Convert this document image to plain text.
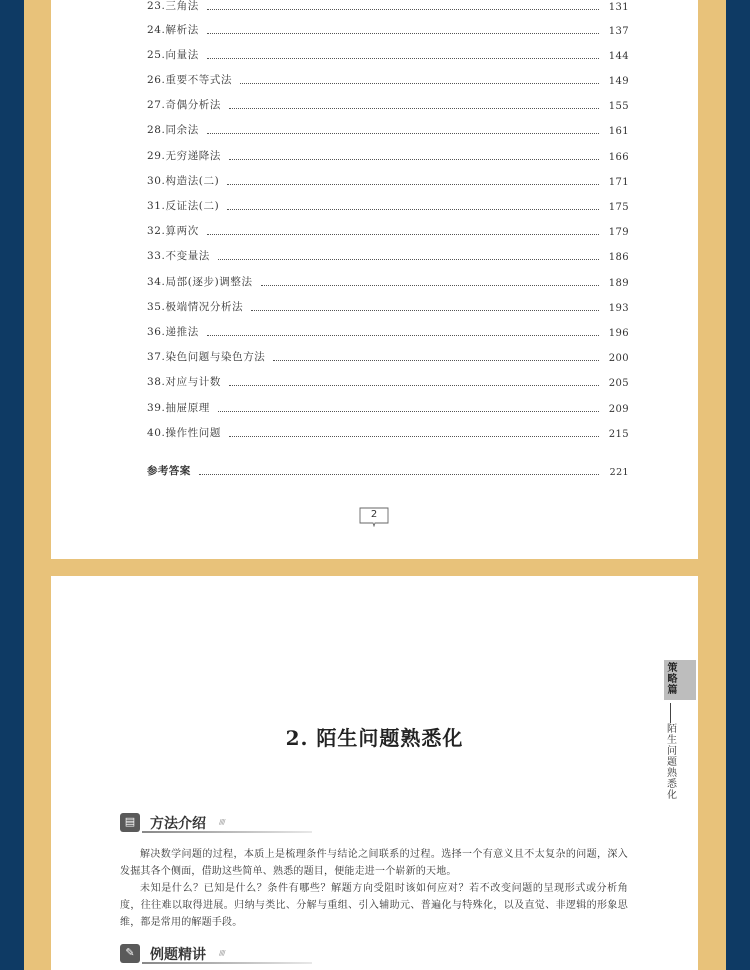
23.三角法	131
24.解析法	137
25.向量法	144
26.重要不等式法	149
27.奇偶分析法	155
28.同余法	161
29.无穷递降法	166
30.构造法(二)	171
31.反证法(二)	175
32.算两次	179
33.不变量法	186
34.局部(逐步)调整法	189
35.极端情况分析法	193
36.递推法	196
37.染色问题与染色方法	200
38.对应与计数	205
39.抽屉原理	209
40.操作性问题	215
参考答案	221
2
策略篇
陌生问题熟悉化
2. 陌生问题熟悉化
▤	方法介绍 ////

解决数学问题的过程，本质上是梳理条件与结论之间联系的过程。选择一个有意义且不太复杂的问题，深入发掘其各个侧面，借助这些简单、熟悉的题目，便能走进一个崭新的天地。

未知是什么？已知是什么？条件有哪些？解题方向受阻时该如何应对？若不改变问题的呈现形式或分析角度，往往难以取得进展。归纳与类比、分解与重组、引入辅助元、普遍化与特殊化，以及直觉、非逻辑的形象思维，都是常用的解题手段。

✎	例题精讲 ////
